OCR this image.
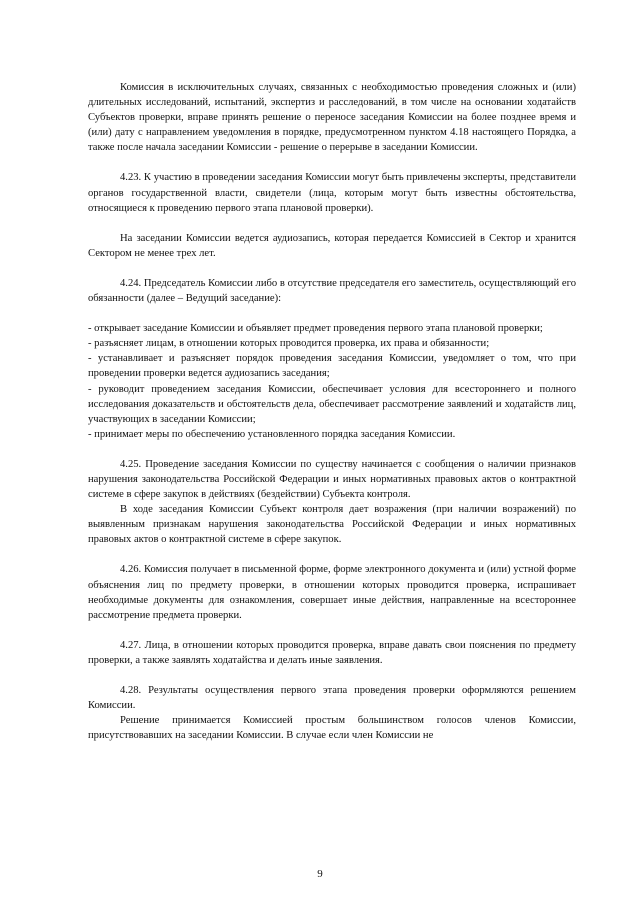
Комиссия в исключительных случаях, связанных с необходимостью проведения сложных и (или) длительных исследований, испытаний, экспертиз и расследований, в том числе на основании ходатайств Субъектов проверки, вправе принять решение о переносе заседания Комиссии на более позднее время и (или) дату с направлением уведомления в порядке, предусмотренном пунктом 4.18 настоящего Порядка, а также после начала заседании Комиссии - решение о перерыве в заседании Комиссии.

4.23. К участию в проведении заседания Комиссии могут быть привлечены эксперты, представители органов государственной власти, свидетели (лица, которым могут быть известны обстоятельства, относящиеся к проведению первого этапа плановой проверки).

На заседании Комиссии ведется аудиозапись, которая передается Комиссией в Сектор и хранится Сектором не менее трех лет.

4.24. Председатель Комиссии либо в отсутствие председателя его заместитель, осуществляющий его обязанности (далее – Ведущий заседание):

- открывает заседание Комиссии и объявляет предмет проведения первого этапа плановой проверки;

- разъясняет лицам, в отношении которых проводится проверка, их права и обязанности;

- устанавливает и разъясняет порядок проведения заседания Комиссии, уведомляет о том, что при проведении проверки ведется аудиозапись заседания;

- руководит проведением заседания Комиссии, обеспечивает условия для всестороннего и полного исследования доказательств и обстоятельств дела, обеспечивает рассмотрение заявлений и ходатайств лиц, участвующих в заседании Комиссии;

- принимает меры по обеспечению установленного порядка заседания Комиссии.

4.25. Проведение заседания Комиссии по существу начинается с сообщения о наличии признаков нарушения законодательства Российской Федерации и иных нормативных правовых актов о контрактной системе в сфере закупок в действиях (бездействии) Субъекта контроля.

В ходе заседания Комиссии Субъект контроля дает возражения (при наличии возражений) по выявленным признакам нарушения законодательства Российской Федерации и иных нормативных правовых актов о контрактной системе в сфере закупок.

4.26. Комиссия получает в письменной форме, форме электронного документа и (или) устной форме объяснения лиц по предмету проверки, в отношении которых проводится проверка, испрашивает необходимые документы для ознакомления, совершает иные действия, направленные на всестороннее рассмотрение предмета проверки.

4.27. Лица, в отношении которых проводится проверка, вправе давать свои пояснения по предмету проверки, а также заявлять ходатайства и делать иные заявления.

4.28. Результаты осуществления первого этапа проведения проверки оформляются решением Комиссии.

Решение принимается Комиссией простым большинством голосов членов Комиссии, присутствовавших на заседании Комиссии. В случае если член Комиссии не

9
